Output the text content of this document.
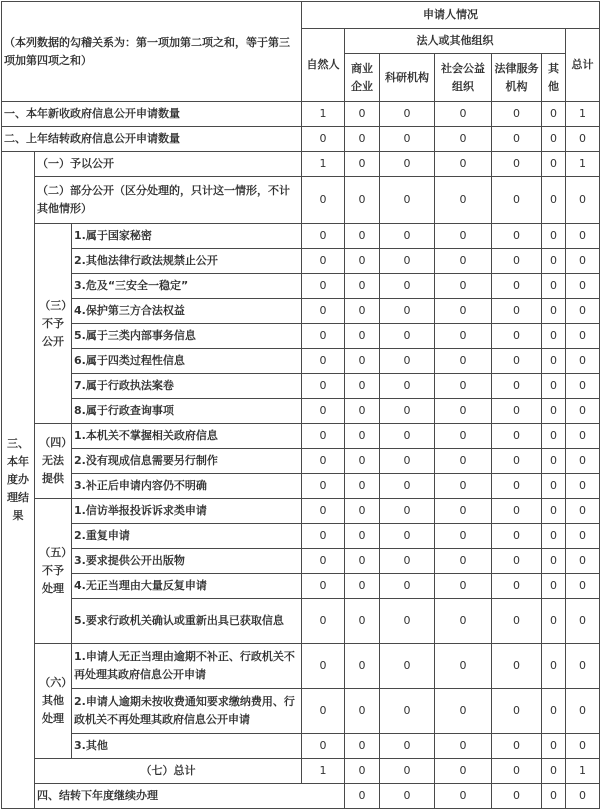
（本列数据的勾稽关系为：第一项加第二项之和，等于第三项加第四项之和）			申请人情况							
			自然人	法人或其他组织					总计	
				商业企业	科研机构	社会公益组织	法律服务机构	其他		
一、本年新收政府信息公开申请数量			1	0	0	0	0	0	1	
二、上年结转政府信息公开申请数量			0	0	0	0	0	0	0	
三、本年度办理结果	（一）予以公开		1	0	0	0	0	0	1	
	（二）部分公开（区分处理的，只计这一情形，不计其他情形）		0	0	0	0	0	0	0	
	（三）不予公开	1.属于国家秘密	0	0	0	0	0	0	0	
		2.其他法律行政法规禁止公开	0	0	0	0	0	0	0	
		3.危及“三安全一稳定”	0	0	0	0	0	0	0	
		4.保护第三方合法权益	0	0	0	0	0	0	0	
		5.属于三类内部事务信息	0	0	0	0	0	0	0	
		6.属于四类过程性信息	0	0	0	0	0	0	0	
		7.属于行政执法案卷	0	0	0	0	0	0	0	
		8.属于行政查询事项	0	0	0	0	0	0	0	
	（四）无法提供	1.本机关不掌握相关政府信息	0	0	0	0	0	0	0	
		2.没有现成信息需要另行制作	0	0	0	0	0	0	0	
		3.补正后申请内容仍不明确	0	0	0	0	0	0	0	
	（五）不予处理	1.信访举报投诉诉求类申请	0	0	0	0	0	0	0	
		2.重复申请	0	0	0	0	0	0	0	
		3.要求提供公开出版物	0	0	0	0	0	0	0	
		4.无正当理由大量反复申请	0	0	0	0	0	0	0	
		5.要求行政机关确认或重新出具已获取信息	0	0	0	0	0	0	0	
	（六）其他处理	1.申请人无正当理由逾期不补正、行政机关不再处理其政府信息公开申请	0	0	0	0	0	0	0	
		2.申请人逾期未按收费通知要求缴纳费用、行政机关不再处理其政府信息公开申请	0	0	0	0	0	0	0	
		3.其他	0	0	0	0	0	0	0	
	（七）总计		1	0	0	0	0	0	1	
	四、结转下年度继续办理			0	0	0	0	0	0	
